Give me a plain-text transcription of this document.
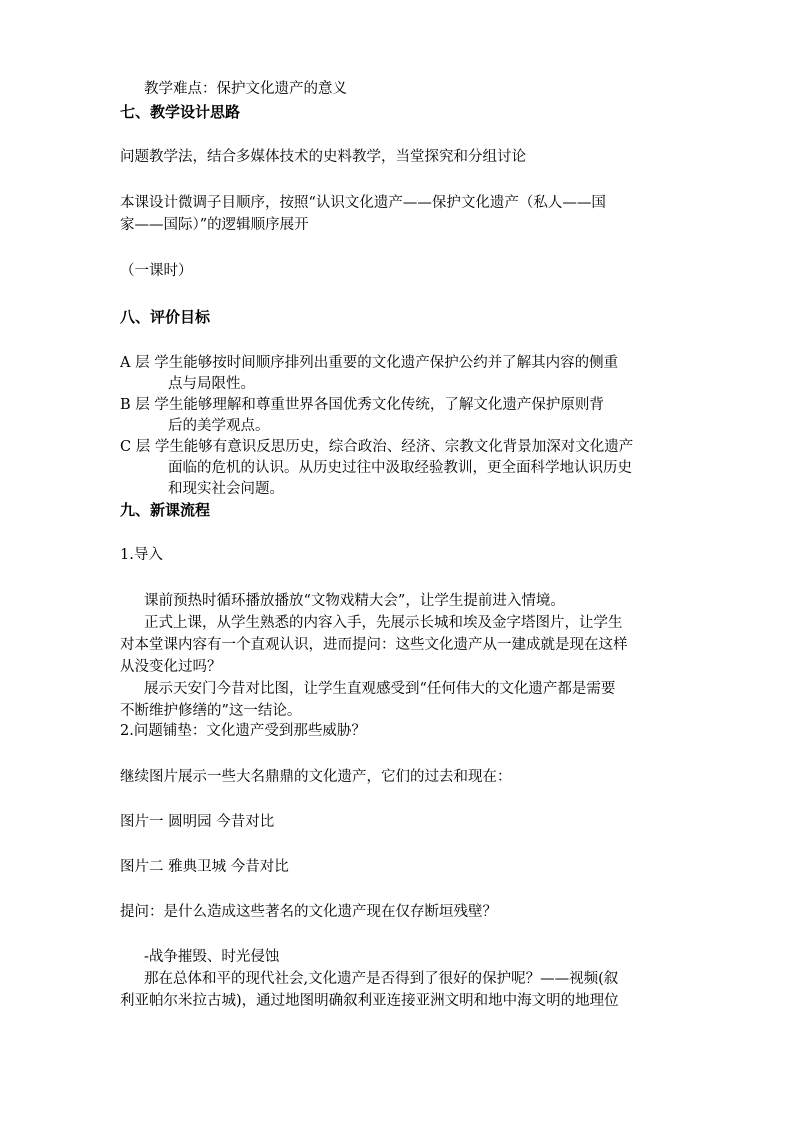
教学难点：保护文化遗产的意义
七、教学设计思路
问题教学法，结合多媒体技术的史料教学，当堂探究和分组讨论
本课设计微调子目顺序，按照“认识文化遗产——保护文化遗产（私人——国
家——国际）”的逻辑顺序展开
（一课时）
八、评价目标
A 层 学生能够按时间顺序排列出重要的文化遗产保护公约并了解其内容的侧重
点与局限性。
B 层 学生能够理解和尊重世界各国优秀文化传统，了解文化遗产保护原则背
后的美学观点。
C 层 学生能够有意识反思历史，综合政治、经济、宗教文化背景加深对文化遗产
面临的危机的认识。从历史过往中汲取经验教训，更全面科学地认识历史
和现实社会问题。
九、新课流程
1.导入
课前预热时循环播放播放“文物戏精大会”，让学生提前进入情境。
正式上课，从学生熟悉的内容入手，先展示长城和埃及金字塔图片，让学生
对本堂课内容有一个直观认识，进而提问：这些文化遗产从一建成就是现在这样
从没变化过吗？
展示天安门今昔对比图，让学生直观感受到“任何伟大的文化遗产都是需要
不断维护修缮的”这一结论。
2.问题铺垫：文化遗产受到那些威胁？
继续图片展示一些大名鼎鼎的文化遗产，它们的过去和现在：
图片一 圆明园 今昔对比
图片二 雅典卫城 今昔对比
提问：是什么造成这些著名的文化遗产现在仅存断垣残壁？
-战争摧毁、时光侵蚀
那在总体和平的现代社会,文化遗产是否得到了很好的保护呢？——视频(叙
利亚帕尔米拉古城)，通过地图明确叙利亚连接亚洲文明和地中海文明的地理位
